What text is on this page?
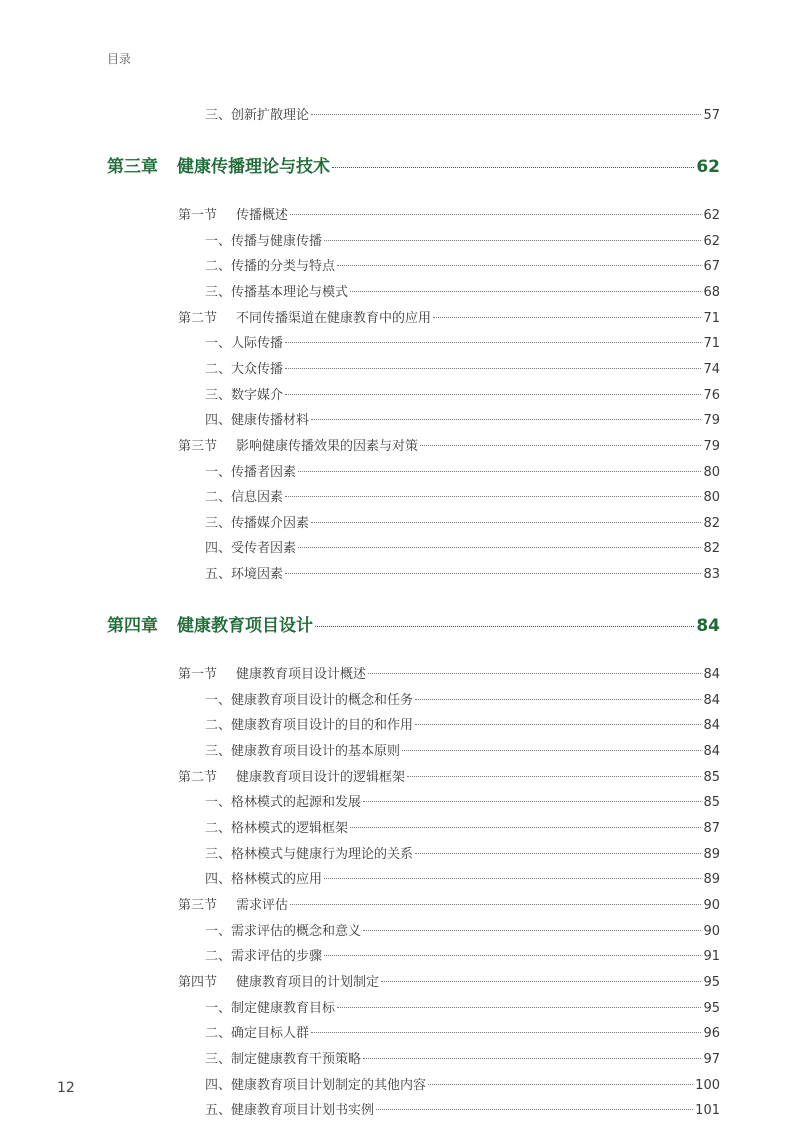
目录
三、创新扩散理论	57
第三章 健康传播理论与技术	62
第一节 传播概述	62
一、传播与健康传播	62
二、传播的分类与特点	67
三、传播基本理论与模式	68
第二节 不同传播渠道在健康教育中的应用	71
一、人际传播	71
二、大众传播	74
三、数字媒介	76
四、健康传播材料	79
第三节 影响健康传播效果的因素与对策	79
一、传播者因素	80
二、信息因素	80
三、传播媒介因素	82
四、受传者因素	82
五、环境因素	83
第四章 健康教育项目设计	84
第一节 健康教育项目设计概述	84
一、健康教育项目设计的概念和任务	84
二、健康教育项目设计的目的和作用	84
三、健康教育项目设计的基本原则	84
第二节 健康教育项目设计的逻辑框架	85
一、格林模式的起源和发展	85
二、格林模式的逻辑框架	87
三、格林模式与健康行为理论的关系	89
四、格林模式的应用	89
第三节 需求评估	90
一、需求评估的概念和意义	90
二、需求评估的步骤	91
第四节 健康教育项目的计划制定	95
一、制定健康教育目标	95
二、确定目标人群	96
三、制定健康教育干预策略	97
四、健康教育项目计划制定的其他内容	100
五、健康教育项目计划书实例	101
12
